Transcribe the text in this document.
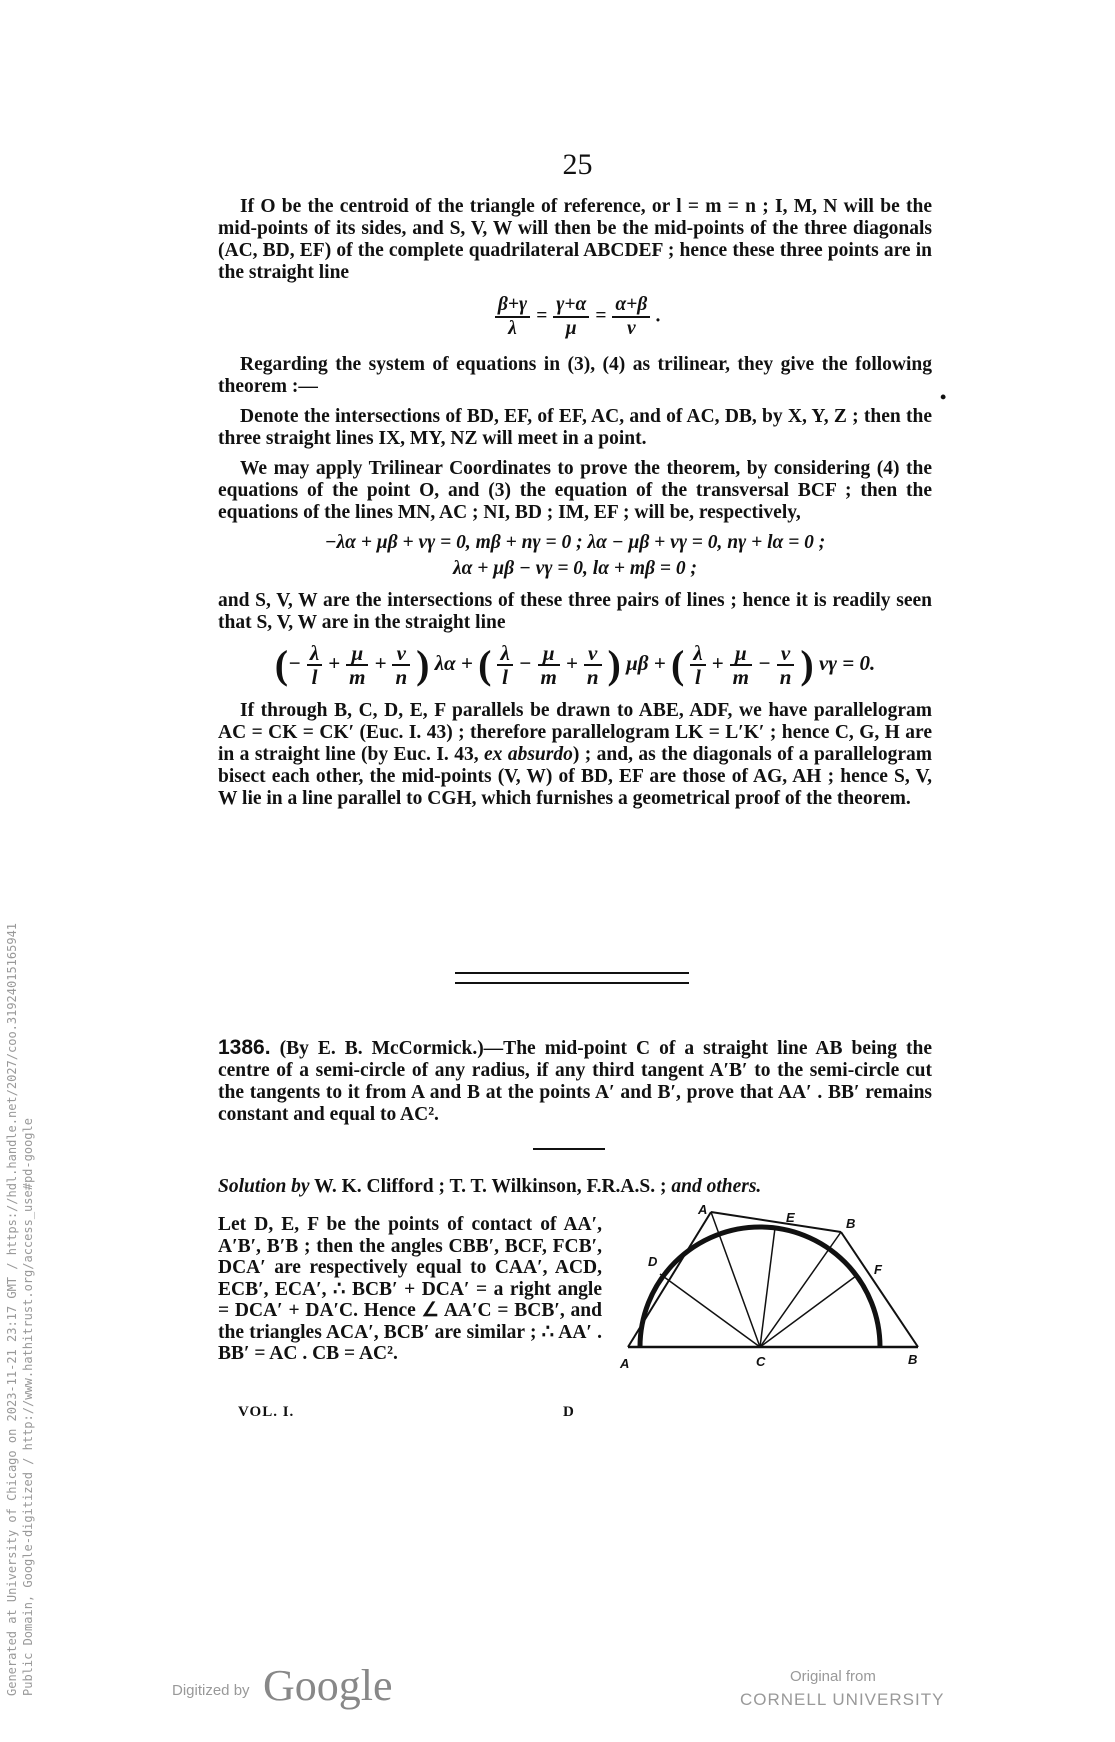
25

If O be the centroid of the triangle of reference, or l = m = n ; I, M, N will be the mid-points of its sides, and S, V, W will then be the mid-points of the three diagonals (AC, BD, EF) of the complete quadrilateral ABCDEF ; hence these three points are in the straight line

$\frac{\beta+\gamma}{\lambda} = \frac{\gamma+\alpha}{\mu} = \frac{\alpha+\beta}{\nu}$ .

Regarding the system of equations in (3), (4) as trilinear, they give the following theorem :—

Denote the intersections of BD, EF, of EF, AC, and of AC, DB, by X, Y, Z ; then the three straight lines IX, MY, NZ will meet in a point.

We may apply Trilinear Coordinates to prove the theorem, by considering (4) the equations of the point O, and (3) the equation of the transversal BCF ; then the equations of the lines MN, AC ; NI, BD ; IM, EF ; will be, respectively,

−λα + μβ + νγ = 0, mβ + nγ = 0 ; λα − μβ + νγ = 0, nγ + lα = 0 ;
λα + μβ − νγ = 0, lα + mβ = 0 ;

and S, V, W are the intersections of these three pairs of lines ; hence it is readily seen that S, V, W are in the straight line

(− $\frac{\lambda}{l} + \frac{\mu}{m} + \frac{\nu}{n}$ ) λα + ( $\frac{\lambda}{l} - \frac{\mu}{m} + \frac{\nu}{n}$ ) μβ + ( $\frac{\lambda}{l} + \frac{\mu}{m} - \frac{\nu}{n}$ ) νγ = 0.

If through B, C, D, E, F parallels be drawn to ABE, ADF, we have parallelogram AC = CK = CK′ (Euc. I. 43) ; therefore parallelogram LK = L′K′ ; hence C, G, H are in a straight line (by Euc. I. 43, ex absurdo) ; and, as the diagonals of a parallelogram bisect each other, the mid-points (V, W) of BD, EF are those of AG, AH ; hence S, V, W lie in a line parallel to CGH, which furnishes a geometrical proof of the theorem.

•
1386. (By E. B. McCormick.)—The mid-point C of a straight line AB being the centre of a semi-circle of any radius, if any third tangent A′B′ to the semi-circle cut the tangents to it from A and B at the points A′ and B′, prove that AA′ . BB′ remains constant and equal to AC².
Solution by W. K. Clifford ; T. T. Wilkinson, F.R.A.S. ; and others.
Let D, E, F be the points of contact of AA′, A′B′, B′B ; then the angles CBB′, BCF, FCB′, DCA′ are respectively equal to CAA′, ACD, ECB′, ECA′, ∴ BCB′ + DCA′ = a right angle = DCA′ + DA′C. Hence ∠ AA′C = BCB′, and the triangles ACA′, BCB′ are similar ; ∴ AA′ . BB′ = AC . CB = AC².	A	B
C
D
E
F
A
B
VOL. I.	D
Generated at University of Chicago on 2023-11-21 23:17 GMT / https://hdl.handle.net/2027/coo.31924015165941 Public Domain, Google-digitized / http://www.hathitrust.org/access_use#pd-google	Digitized by Google	Original from
CORNELL UNIVERSITY
